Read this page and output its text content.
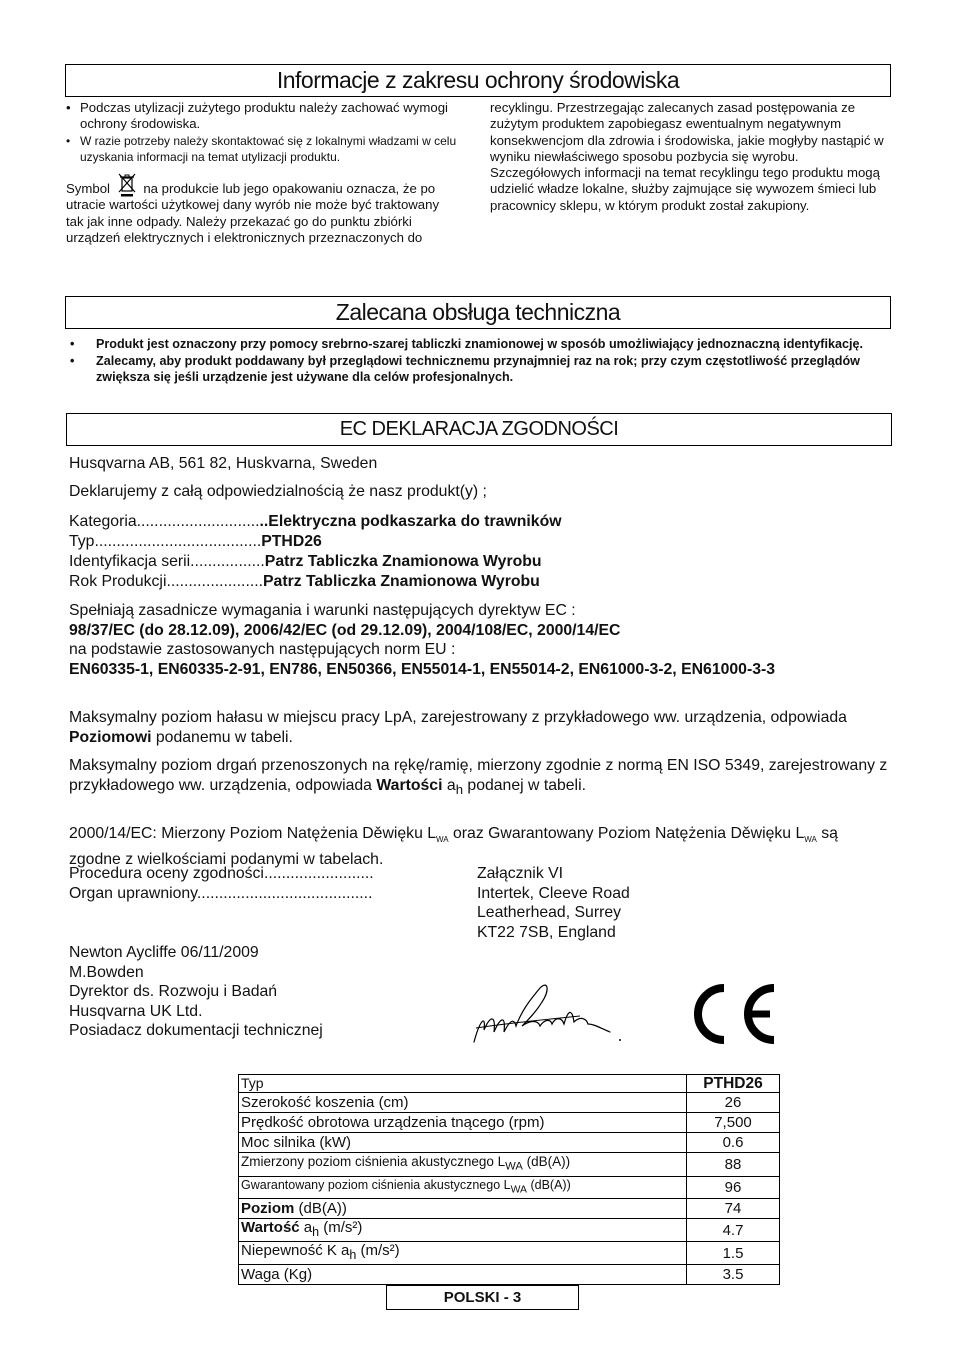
Informacje z zakresu ochrony środowiska
• Podczas utylizacji zużytego produktu należy zachować wymogi ochrony środowiska.
• W razie potrzeby należy skontaktować się z lokalnymi władzami w celu uzyskania informacji na temat utylizacji produktu.
Symbol	na produkcie lub jego opakowaniu oznacza, że po utracie wartości użytkowej dany wyrób nie może być traktowany tak jak inne odpady. Należy przekazać go do punktu zbiórki urządzeń elektrycznych i elektronicznych przeznaczonych do
recyklingu. Przestrzegając zalecanych zasad postępowania ze zużytym produktem zapobiegasz ewentualnym negatywnym konsekwencjom dla zdrowia i środowiska, jakie mogłyby nastąpić w wyniku niewłaściwego sposobu pozbycia się wyrobu. Szczegółowych informacji na temat recyklingu tego produktu mogą udzielić władze lokalne, służby zajmujące się wywozem śmieci lub pracownicy sklepu, w którym produkt został zakupiony.
Zalecana obsługa techniczna
• Produkt jest oznaczony przy pomocy srebrno-szarej tabliczki znamionowej w sposób umożliwiający jednoznaczną identyfikację.
• Zalecamy, aby produkt poddawany był przeglądowi technicznemu przynajmniej raz na rok; przy czym częstotliwość przeglądów zwiększa się jeśli urządzenie jest używane dla celów profesjonalnych.
EC DEKLARACJA ZGODNOŚCI
Husqvarna AB, 561 82, Huskvarna, Sweden
Deklarujemy z całą odpowiedzialnością że nasz produkt(y) ;
Kategoria..............................Elektryczna podkaszarka do trawników
Typ......................................PTHD26
Identyfikacja serii.................Patrz Tabliczka Znamionowa Wyrobu
Rok Produkcji......................Patrz Tabliczka Znamionowa Wyrobu
Spełniają zasadnicze wymagania i warunki następujących dyrektyw EC :
98/37/EC (do 28.12.09), 2006/42/EC (od 29.12.09), 2004/108/EC, 2000/14/EC
na podstawie zastosowanych następujących norm EU :
EN60335-1, EN60335-2-91, EN786, EN50366, EN55014-1, EN55014-2, EN61000-3-2, EN61000-3-3
Maksymalny poziom hałasu w miejscu pracy LpA, zarejestrowany z przykładowego ww. urządzenia, odpowiada Poziomowi podanemu w tabeli.
Maksymalny poziom drgań przenoszonych na rękę/ramię, mierzony zgodnie z normą EN ISO 5349, zarejestrowany z przykładowego ww. urządzenia, odpowiada Wartości $a_h$ podanej w tabeli.
2000/14/EC: Mierzony Poziom Natężenia Děwięku $L_{WA}$ oraz Gwarantowany Poziom Natężenia Děwięku $L_{WA}$ są zgodne z wielkościami podanymi w tabelach.
Procedura oceny zgodności.........................	Załącznik VI
Organ uprawniony........................................	Intertek, Cleeve Road
Leatherhead, Surrey
KT22 7SB, England
Newton Aycliffe 06/11/2009
M.Bowden
Dyrektor ds. Rozwoju i Badań
Husqvarna UK Ltd.
Posiadacz dokumentacji technicznej
Typ	PTHD26
Szerokość koszenia (cm)	26
Prędkość obrotowa urządzenia tnącego (rpm)	7,500
Moc silnika (kW)	0.6
Zmierzony poziom ciśnienia akustycznego $L_{WA}$ (dB(A))	88
Gwarantowany poziom ciśnienia akustycznego $L_{WA}$ (dB(A))	96
Poziom (dB(A))	74
Wartość $a_h$ (m/s²)	4.7
Niepewność K $a_h$ (m/s²)	1.5
Waga (Kg)	3.5
POLSKI - 3
